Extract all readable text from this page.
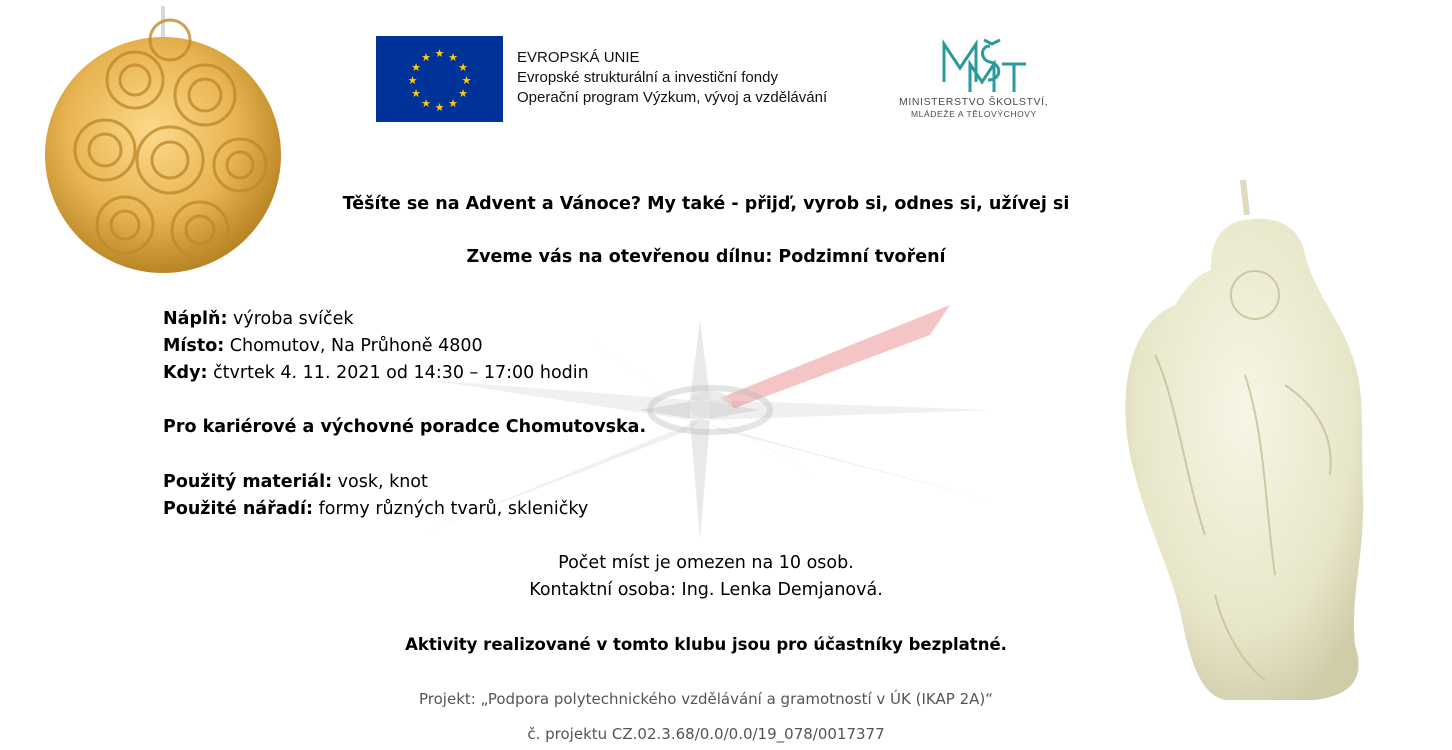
★ ★
★
★
★
★
★
★
★
★
★
★	EVROPSKÁ UNIE
Evropské strukturální a investiční fondy
Operační program Výzkum, vývoj a vzdělávání	MINISTERSTVO ŠKOLSTVÍ,
MLÁDEŽE A TĚLOVÝCHOVY
Těšíte se na Advent a Vánoce? My také - přijď, vyrob si, odnes si, užívej si
Zveme vás na otevřenou dílnu: Podzimní tvoření
Náplň: výroba svíček
Místo: Chomutov, Na Průhoně 4800
Kdy: čtvrtek 4. 11. 2021 od 14:30 – 17:00 hodin
Pro kariérové a výchovné poradce Chomutovska.
Použitý materiál: vosk, knot
Použité nářadí: formy různých tvarů, skleničky
Počet míst je omezen na 10 osob.
Kontaktní osoba: Ing. Lenka Demjanová.
Aktivity realizované v tomto klubu jsou pro účastníky bezplatné.
Projekt: „Podpora polytechnického vzdělávání a gramotností v ÚK (IKAP 2A)“
č. projektu CZ.02.3.68/0.0/0.0/19_078/0017377
